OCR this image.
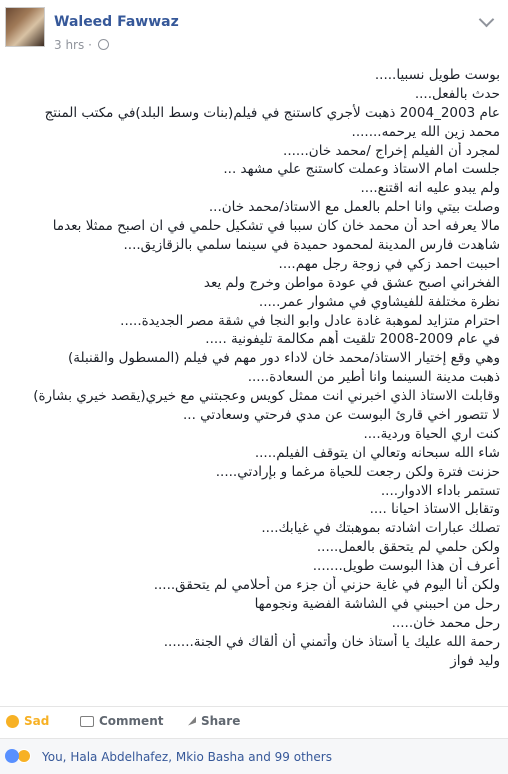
Waleed Fawwaz
3 hrs ·
بوست طويل نسبيا.....
حدث بالفعل....
عام 2003_2004 ذهبت لأجري كاستنج في فيلم(بنات وسط البلد)في مكتب المنتج
محمد زين الله يرحمه.......
لمجرد أن الفيلم إخراج /محمد خان......
جلست امام الاستاذ وعملت كاستنج علي مشهد ...
ولم يبدو عليه انه اقتنع....
وصلت بيتي وانا احلم بالعمل مع الاستاذ/محمد خان...
مالا يعرفه احد أن محمد خان كان سببا في تشكيل حلمي في ان اصبح ممثلا بعدما
شاهدت فارس المدينة لمحمود حميدة في سينما سلمي بالزقازيق....
احببت احمد زكي في زوجة رجل مهم....
الفخراني اصبح عشق في عودة مواطن وخرج ولم يعد
نظرة مختلفة للفيشاوي في مشوار عمر.....
احترام متزايد لموهبة غادة عادل وابو النجا في شقة مصر الجديدة.....
في عام 2009-2008 تلقيت أهم مكالمة تليفونية .....
وهي وقع إختيار الاستاذ/محمد خان لاداء دور مهم في فيلم (المسطول والقنبلة)
ذهبت مدينة السينما وانا أطير من السعادة.....
وقابلت الاستاذ الذي اخبرني انت ممثل كويس وعجبتني مع خيري(يقصد خيري بشارة)
لا تتصور اخي قارئ البوست عن مدي فرحتي وسعادتي ...
كنت اري الحياة وردية....
شاء الله سبحانه وتعالي ان يتوقف الفيلم.....
حزنت فترة ولكن رجعت للحياة مرغما و بإرادتي.....
تستمر باداء الادوار....
وتقابل الاستاذ احيانا ....
تصلك عبارات اشادته بموهبتك في غيابك....
ولكن حلمي لم يتحقق بالعمل.....
أعرف أن هذا البوست طويل.......
ولكن أنا اليوم في غاية حزني أن جزء من أحلامي لم يتحقق.....
رحل من احببني في الشاشة الفضية ونجومها
رحل محمد خان.....
رحمة الله عليك يا أستاذ خان وأتمني أن ألقاك في الجنة.......
وليد فواز
Sad	Comment	Share
You, Hala Abdelhafez, Mkio Basha and 99 others
